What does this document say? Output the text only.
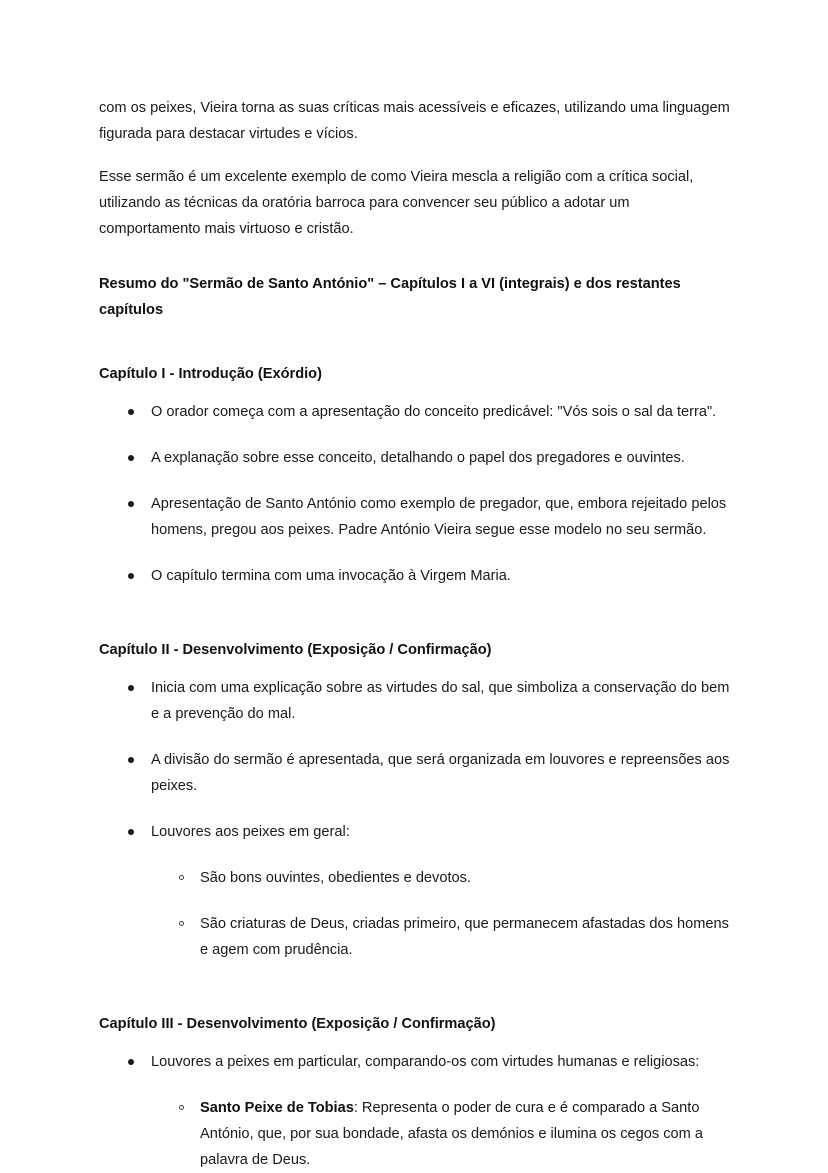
com os peixes, Vieira torna as suas críticas mais acessíveis e eficazes, utilizando uma linguagem figurada para destacar virtudes e vícios.

Esse sermão é um excelente exemplo de como Vieira mescla a religião com a crítica social, utilizando as técnicas da oratória barroca para convencer seu público a adotar um comportamento mais virtuoso e cristão.

Resumo do "Sermão de Santo António" – Capítulos I a VI (integrais) e dos restantes capítulos
Capítulo I - Introdução (Exórdio)
O orador começa com a apresentação do conceito predicável: "Vós sois o sal da terra".
A explanação sobre esse conceito, detalhando o papel dos pregadores e ouvintes.
Apresentação de Santo António como exemplo de pregador, que, embora rejeitado pelos homens, pregou aos peixes. Padre António Vieira segue esse modelo no seu sermão.
O capítulo termina com uma invocação à Virgem Maria.
Capítulo II - Desenvolvimento (Exposição / Confirmação)
Inicia com uma explicação sobre as virtudes do sal, que simboliza a conservação do bem e a prevenção do mal.
A divisão do sermão é apresentada, que será organizada em louvores e repreensões aos peixes.
Louvores aos peixes em geral:
São bons ouvintes, obedientes e devotos.
São criaturas de Deus, criadas primeiro, que permanecem afastadas dos homens e agem com prudência.
Capítulo III - Desenvolvimento (Exposição / Confirmação)
Louvores a peixes em particular, comparando-os com virtudes humanas e religiosas:
Santo Peixe de Tobias: Representa o poder de cura e é comparado a Santo António, que, por sua bondade, afasta os demónios e ilumina os cegos com a palavra de Deus.
